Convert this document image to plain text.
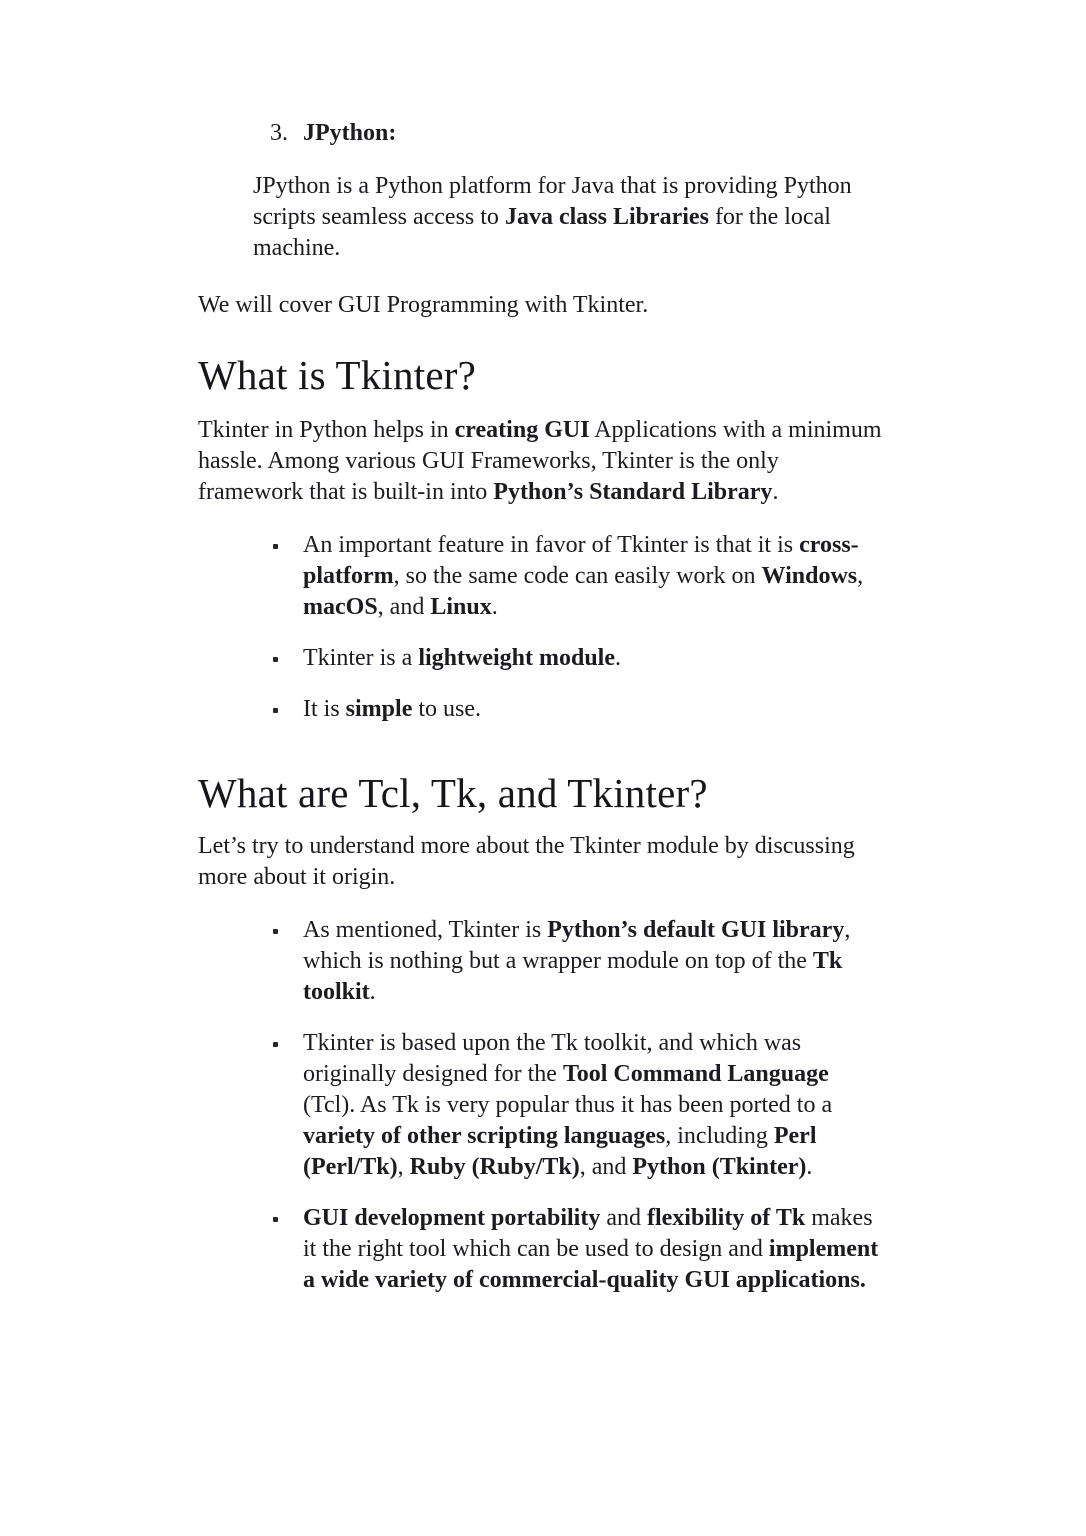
3. JPython:

JPython is a Python platform for Java that is providing Python scripts seamless access to Java class Libraries for the local machine.

We will cover GUI Programming with Tkinter.

What is Tkinter?

Tkinter in Python helps in creating GUI Applications with a minimum hassle. Among various GUI Frameworks, Tkinter is the only framework that is built-in into Python’s Standard Library.

An important feature in favor of Tkinter is that it is cross-platform, so the same code can easily work on Windows, macOS, and Linux.
Tkinter is a lightweight module.
It is simple to use.
What are Tcl, Tk, and Tkinter?

Let’s try to understand more about the Tkinter module by discussing more about it origin.

As mentioned, Tkinter is Python’s default GUI library, which is nothing but a wrapper module on top of the Tk toolkit.
Tkinter is based upon the Tk toolkit, and which was originally designed for the Tool Command Language (Tcl). As Tk is very popular thus it has been ported to a variety of other scripting languages, including Perl (Perl/Tk), Ruby (Ruby/Tk), and Python (Tkinter).
GUI development portability and flexibility of Tk makes it the right tool which can be used to design and implement a wide variety of commercial-quality GUI applications.
